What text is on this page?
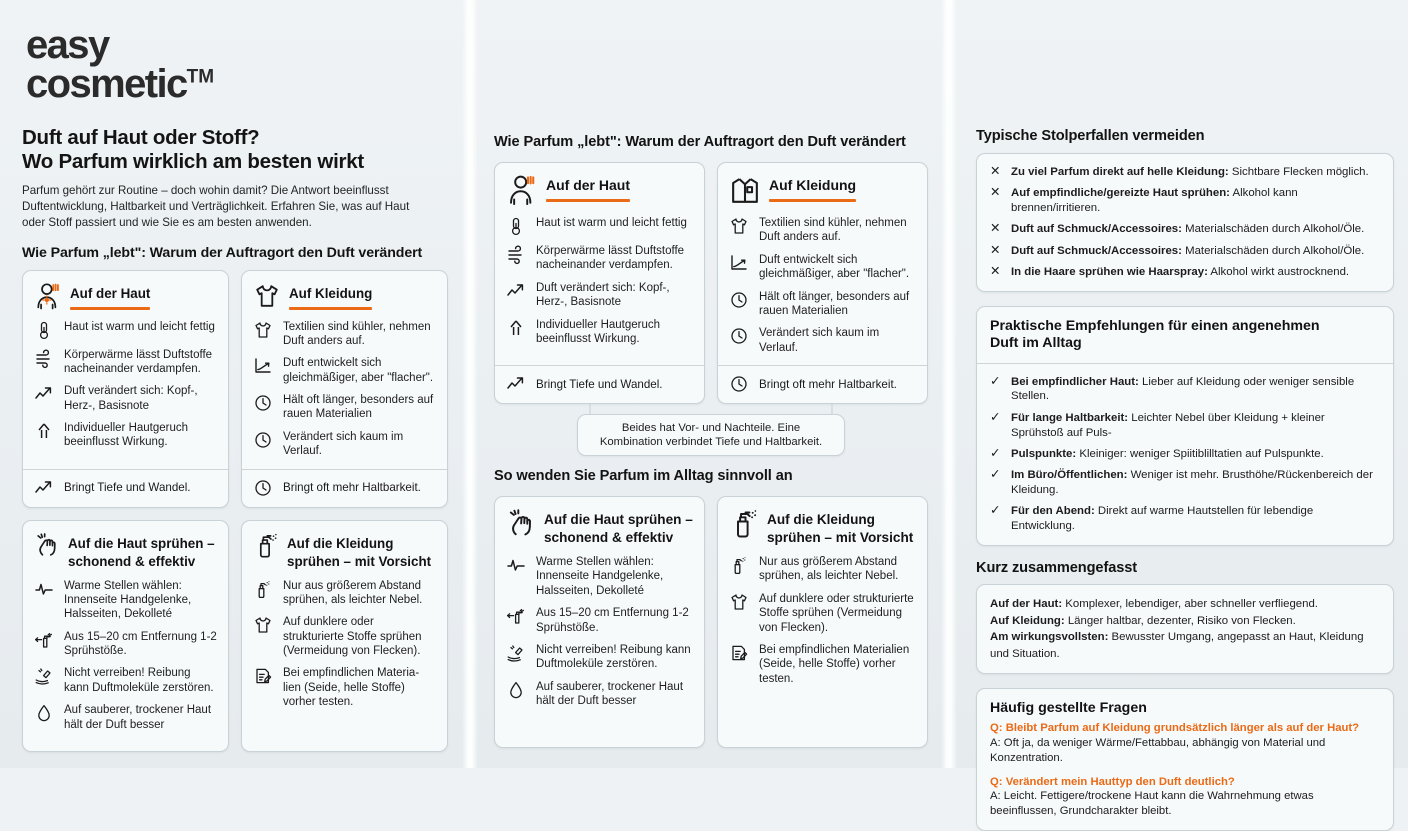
easy
cosmetic™
Duft auf Haut oder Stoff?
Wo Parfum wirklich am besten wirkt

Parfum gehört zur Routine – doch wohin damit? Die Antwort beeinflusst Duftentwicklung, Haltbarkeit und Verträglichkeit. Erfahren Sie, was auf Haut oder Stoff passiert und wie Sie es am besten anwenden.

Wie Parfum „lebt": Warum der Auftragort den Duft verändert
Auf der Haut
Haut ist warm und leicht fettig
Körperwärme lässt Duftstoffe nacheinander verdampfen.
Duft verändert sich: Kopf-, Herz-, Basisnote
Individueller Hautgeruch beeinflusst Wirkung.
Bringt Tiefe und Wandel.
Auf Kleidung
Textilien sind kühler, nehmen Duft anders auf.
Duft entwickelt sich gleichmäßiger, aber "flacher".
Hält oft länger, besonders auf rauen Materialien
Verändert sich kaum im Verlauf.
Bringt oft mehr Haltbarkeit.
Auf die Haut sprühen –
schonend & effektiv
Warme Stellen wählen: Innenseite Handgelenke, Halsseiten, Dekolleté
Aus 15–20 cm Entfernung 1-2 Sprühstöße.
Nicht verreiben! Reibung kann Duftmoleküle zerstören.
Auf sauberer, trockener Haut hält der Duft besser
Auf die Kleidung
sprühen – mit Vorsicht
Nur aus größerem Abstand sprühen, als leichter Nebel.
Auf dunklere oder strukturierte Stoffe sprühen (Vermeidung von Flecken).
Bei empfindlichen Materia-lien (Seide, helle Stoffe) vorher testen.
Wie Parfum „lebt": Warum der Auftragort den Duft verändert
Auf der Haut
Haut ist warm und leicht fettig
Körperwärme lässt Duftstoffe nacheinander verdampfen.
Duft verändert sich: Kopf-, Herz-, Basisnote
Individueller Hautgeruch beeinflusst Wirkung.
Bringt Tiefe und Wandel.
Auf Kleidung
Textilien sind kühler, nehmen Duft anders auf.
Duft entwickelt sich gleichmäßiger, aber "flacher".
Hält oft länger, besonders auf rauen Materialien
Verändert sich kaum im Verlauf.
Bringt oft mehr Haltbarkeit.
Beides hat Vor- und Nachteile. Eine Kombination verbindet Tiefe und Haltbarkeit.
So wenden Sie Parfum im Alltag sinnvoll an
Auf die Haut sprühen –
schonend & effektiv
Warme Stellen wählen: Innenseite Handgelenke, Halsseiten, Dekolleté
Aus 15–20 cm Entfernung 1-2 Sprühstöße.
Nicht verreiben! Reibung kann Duftmoleküle zerstören.
Auf sauberer, trockener Haut hält der Duft besser
Auf die Kleidung
sprühen – mit Vorsicht
Nur aus größerem Abstand sprühen, als leichter Nebel.
Auf dunklere oder strukturierte Stoffe sprühen (Vermeidung von Flecken).
Bei empfindlichen Materialien (Seide, helle Stoffe) vorher testen.
Typische Stolperfallen vermeiden
✕ Zu viel Parfum direkt auf helle Kleidung: Sichtbare Flecken möglich.
✕ Auf empfindliche/gereizte Haut sprühen: Alkohol kann brennen/irritieren.
✕ Duft auf Schmuck/Accessoires: Materialschäden durch Alkohol/Öle.
✕ Duft auf Schmuck/Accessoires: Materialschäden durch Alkohol/Öle.
✕ In die Haare sprühen wie Haarspray: Alkohol wirkt austrocknend.
Praktische Empfehlungen für einen angenehmen
Duft im Alltag
✓ Bei empfindlicher Haut: Lieber auf Kleidung oder weniger sensible Stellen.
✓ Für lange Haltbarkeit: Leichter Nebel über Kleidung + kleiner Sprühstoß auf Puls-
✓ Pulspunkte: Kleiniger: weniger Spiitiblilltatien auf Pulspunkte.
✓ Im Büro/Öffentlichen: Weniger ist mehr. Brusthöhe/Rückenbereich der Kleidung.
✓ Für den Abend: Direkt auf warme Hautstellen für lebendige Entwicklung.
Kurz zusammengefasst
Auf der Haut: Komplexer, lebendiger, aber schneller verfliegend.
Auf Kleidung: Länger haltbar, dezenter, Risiko von Flecken.
Am wirkungsvollsten: Bewusster Umgang, angepasst an Haut, Kleidung und Situation.
Häufig gestellte Fragen
Q: Bleibt Parfum auf Kleidung grundsätzlich länger als auf der Haut?
A: Oft ja, da weniger Wärme/Fettabbau, abhängig von Material und Konzentration.
Q: Verändert mein Hauttyp den Duft deutlich?
A: Leicht. Fettigere/trockene Haut kann die Wahrnehmung etwas beeinflussen, Grundcharakter bleibt.
